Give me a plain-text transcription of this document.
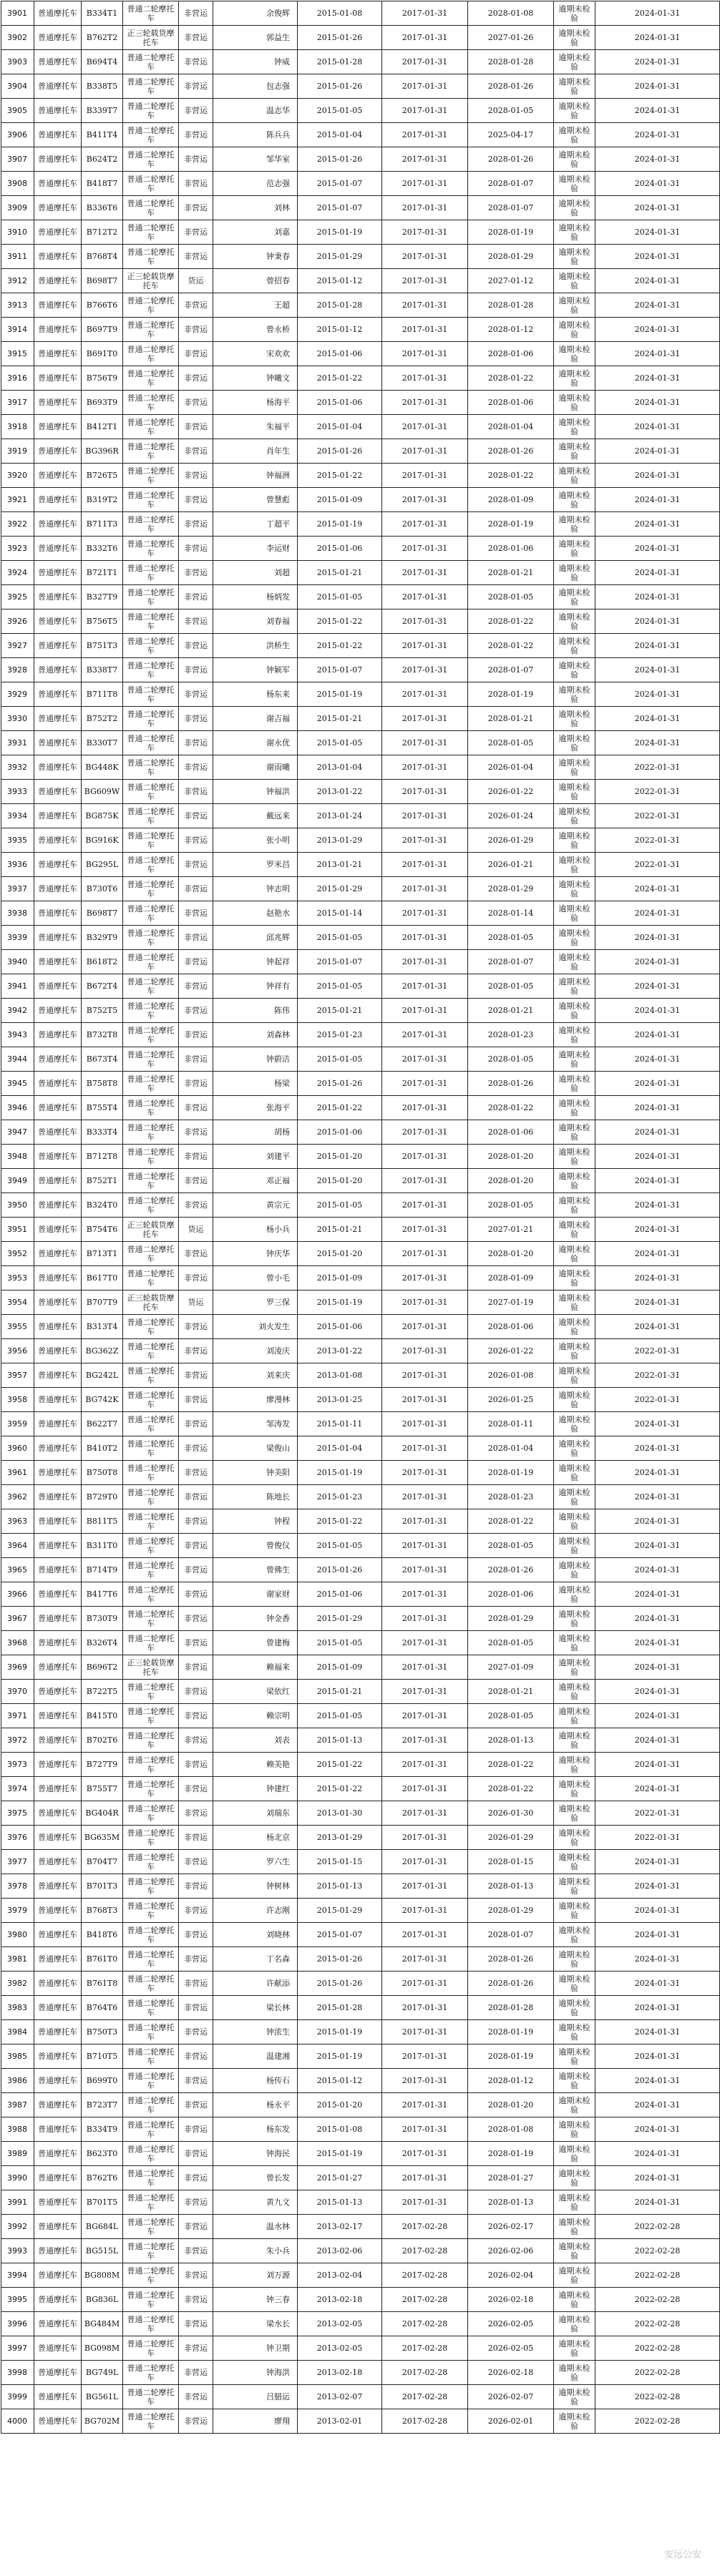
3901	普通摩托车	B334T1	普通二轮摩托车	非营运	余俊辉	2015-01-08	2017-01-31	2028-01-08	逾期未检验	2024-01-31
3902	普通摩托车	B762T2	正三轮载货摩托车	非营运	郭益生	2015-01-26	2017-01-31	2027-01-26	逾期未检验	2024-01-31
3903	普通摩托车	B694T4	普通二轮摩托车	非营运	钟威	2015-01-28	2017-01-31	2028-01-28	逾期未检验	2024-01-31
3904	普通摩托车	B338T5	普通二轮摩托车	非营运	包志强	2015-01-26	2017-01-31	2028-01-26	逾期未检验	2024-01-31
3905	普通摩托车	B339T7	普通二轮摩托车	非营运	温志华	2015-01-05	2017-01-31	2028-01-05	逾期未检验	2024-01-31
3906	普通摩托车	B411T4	普通二轮摩托车	非营运	陈兵兵	2015-01-04	2017-01-31	2025-04-17	逾期未检验	2024-01-31
3907	普通摩托车	B624T2	普通二轮摩托车	非营运	邹华室	2015-01-26	2017-01-31	2028-01-26	逾期未检验	2024-01-31
3908	普通摩托车	B418T7	普通二轮摩托车	非营运	范志强	2015-01-07	2017-01-31	2028-01-07	逾期未检验	2024-01-31
3909	普通摩托车	B336T6	普通二轮摩托车	非营运	刘林	2015-01-07	2017-01-31	2028-01-07	逾期未检验	2024-01-31
3910	普通摩托车	B712T2	普通二轮摩托车	非营运	刘嘉	2015-01-19	2017-01-31	2028-01-19	逾期未检验	2024-01-31
3911	普通摩托车	B768T4	普通二轮摩托车	非营运	钟秉春	2015-01-29	2017-01-31	2028-01-29	逾期未检验	2024-01-31
3912	普通摩托车	B698T7	正三轮载货摩托车	货运	曾招春	2015-01-12	2017-01-31	2027-01-12	逾期未检验	2024-01-31
3913	普通摩托车	B766T6	普通二轮摩托车	非营运	王超	2015-01-28	2017-01-31	2028-01-28	逾期未检验	2024-01-31
3914	普通摩托车	B697T9	普通二轮摩托车	非营运	曾永桥	2015-01-12	2017-01-31	2028-01-12	逾期未检验	2024-01-31
3915	普通摩托车	B691T0	普通二轮摩托车	非营运	宋欢欢	2015-01-06	2017-01-31	2028-01-06	逾期未检验	2024-01-31
3916	普通摩托车	B756T9	普通二轮摩托车	非营运	钟曦文	2015-01-22	2017-01-31	2028-01-22	逾期未检验	2024-01-31
3917	普通摩托车	B693T9	普通二轮摩托车	非营运	杨海平	2015-01-06	2017-01-31	2028-01-06	逾期未检验	2024-01-31
3918	普通摩托车	B412T1	普通二轮摩托车	非营运	朱福平	2015-01-04	2017-01-31	2028-01-04	逾期未检验	2024-01-31
3919	普通摩托车	BG396R	普通二轮摩托车	非营运	肖年生	2015-01-26	2017-01-31	2028-01-26	逾期未检验	2024-01-31
3920	普通摩托车	B726T5	普通二轮摩托车	非营运	钟福洲	2015-01-22	2017-01-31	2028-01-22	逾期未检验	2024-01-31
3921	普通摩托车	B319T2	普通二轮摩托车	非营运	曾慧彪	2015-01-09	2017-01-31	2028-01-09	逾期未检验	2024-01-31
3922	普通摩托车	B711T3	普通二轮摩托车	非营运	丁超平	2015-01-19	2017-01-31	2028-01-19	逾期未检验	2024-01-31
3923	普通摩托车	B332T6	普通二轮摩托车	非营运	李运财	2015-01-06	2017-01-31	2028-01-06	逾期未检验	2024-01-31
3924	普通摩托车	B721T1	普通二轮摩托车	非营运	刘超	2015-01-21	2017-01-31	2028-01-21	逾期未检验	2024-01-31
3925	普通摩托车	B327T9	普通二轮摩托车	非营运	杨炳发	2015-01-05	2017-01-31	2028-01-05	逾期未检验	2024-01-31
3926	普通摩托车	B756T5	普通二轮摩托车	非营运	刘春福	2015-01-22	2017-01-31	2028-01-22	逾期未检验	2024-01-31
3927	普通摩托车	B751T3	普通二轮摩托车	非营运	洪桥生	2015-01-22	2017-01-31	2028-01-22	逾期未检验	2024-01-31
3928	普通摩托车	B338T7	普通二轮摩托车	非营运	钟颖军	2015-01-07	2017-01-31	2028-01-07	逾期未检验	2024-01-31
3929	普通摩托车	B711T8	普通二轮摩托车	非营运	杨东来	2015-01-19	2017-01-31	2028-01-19	逾期未检验	2024-01-31
3930	普通摩托车	B752T2	普通二轮摩托车	非营运	谢吉福	2015-01-21	2017-01-31	2028-01-21	逾期未检验	2024-01-31
3931	普通摩托车	B330T7	普通二轮摩托车	非营运	谢永优	2015-01-05	2017-01-31	2028-01-05	逾期未检验	2024-01-31
3932	普通摩托车	BG448K	普通二轮摩托车	非营运	谢雨曦	2013-01-04	2017-01-31	2026-01-04	逾期未检验	2022-01-31
3933	普通摩托车	BG609W	普通二轮摩托车	非营运	钟福洪	2013-01-22	2017-01-31	2026-01-22	逾期未检验	2022-01-31
3934	普通摩托车	BG875K	普通二轮摩托车	非营运	戴远来	2013-01-24	2017-01-31	2026-01-24	逾期未检验	2022-01-31
3935	普通摩托车	BG916K	普通二轮摩托车	非营运	张小明	2013-01-29	2017-01-31	2026-01-29	逾期未检验	2022-01-31
3936	普通摩托车	BG295L	普通二轮摩托车	非营运	罗米昌	2013-01-21	2017-01-31	2026-01-21	逾期未检验	2022-01-31
3937	普通摩托车	B730T6	普通二轮摩托车	非营运	钟志明	2015-01-29	2017-01-31	2028-01-29	逾期未检验	2024-01-31
3938	普通摩托车	B698T7	普通二轮摩托车	非营运	赵艳水	2015-01-14	2017-01-31	2028-01-14	逾期未检验	2024-01-31
3939	普通摩托车	B329T9	普通二轮摩托车	非营运	邱兆辉	2015-01-05	2017-01-31	2028-01-05	逾期未检验	2024-01-31
3940	普通摩托车	B618T2	普通二轮摩托车	非营运	钟起祥	2015-01-07	2017-01-31	2028-01-07	逾期未检验	2024-01-31
3941	普通摩托车	B672T4	普通二轮摩托车	非营运	钟祥有	2015-01-05	2017-01-31	2028-01-05	逾期未检验	2024-01-31
3942	普通摩托车	B752T5	普通二轮摩托车	非营运	陈伟	2015-01-21	2017-01-31	2028-01-21	逾期未检验	2024-01-31
3943	普通摩托车	B732T8	普通二轮摩托车	非营运	刘森林	2015-01-23	2017-01-31	2028-01-23	逾期未检验	2024-01-31
3944	普通摩托车	B673T4	普通二轮摩托车	非营运	钟蔚洁	2015-01-05	2017-01-31	2028-01-05	逾期未检验	2024-01-31
3945	普通摩托车	B758T8	普通二轮摩托车	非营运	杨梁	2015-01-26	2017-01-31	2028-01-26	逾期未检验	2024-01-31
3946	普通摩托车	B755T4	普通二轮摩托车	非营运	张海平	2015-01-22	2017-01-31	2028-01-22	逾期未检验	2024-01-31
3947	普通摩托车	B333T4	普通二轮摩托车	非营运	胡杨	2015-01-06	2017-01-31	2028-01-06	逾期未检验	2024-01-31
3948	普通摩托车	B712T8	普通二轮摩托车	非营运	刘建平	2015-01-20	2017-01-31	2028-01-20	逾期未检验	2024-01-31
3949	普通摩托车	B752T1	普通二轮摩托车	非营运	邓正福	2015-01-20	2017-01-31	2028-01-20	逾期未检验	2024-01-31
3950	普通摩托车	B324T0	普通二轮摩托车	非营运	黄宗元	2015-01-05	2017-01-31	2028-01-05	逾期未检验	2024-01-31
3951	普通摩托车	B754T6	正三轮载货摩托车	货运	杨小兵	2015-01-21	2017-01-31	2027-01-21	逾期未检验	2024-01-31
3952	普通摩托车	B713T1	普通二轮摩托车	非营运	钟庆华	2015-01-20	2017-01-31	2028-01-20	逾期未检验	2024-01-31
3953	普通摩托车	B617T0	普通二轮摩托车	非营运	曾小毛	2015-01-09	2017-01-31	2028-01-09	逾期未检验	2024-01-31
3954	普通摩托车	B707T9	正三轮载货摩托车	货运	罗三保	2015-01-19	2017-01-31	2027-01-19	逾期未检验	2024-01-31
3955	普通摩托车	B313T4	普通二轮摩托车	非营运	刘火发生	2015-01-06	2017-01-31	2028-01-06	逾期未检验	2024-01-31
3956	普通摩托车	BG362Z	普通二轮摩托车	非营运	刘凌庆	2013-01-22	2017-01-31	2026-01-22	逾期未检验	2022-01-31
3957	普通摩托车	BG242L	普通二轮摩托车	非营运	刘来庆	2013-01-08	2017-01-31	2026-01-08	逾期未检验	2022-01-31
3958	普通摩托车	BG742K	普通二轮摩托车	非营运	廖漫林	2013-01-25	2017-01-31	2026-01-25	逾期未检验	2022-01-31
3959	普通摩托车	B622T7	普通二轮摩托车	非营运	邹涛发	2015-01-11	2017-01-31	2028-01-11	逾期未检验	2024-01-31
3960	普通摩托车	B410T2	普通二轮摩托车	非营运	梁俊山	2015-01-04	2017-01-31	2028-01-04	逾期未检验	2024-01-31
3961	普通摩托车	B750T8	普通二轮摩托车	非营运	钟美阳	2015-01-19	2017-01-31	2028-01-19	逾期未检验	2024-01-31
3962	普通摩托车	B729T0	普通二轮摩托车	非营运	陈地长	2015-01-23	2017-01-31	2028-01-23	逾期未检验	2024-01-31
3963	普通摩托车	B811T5	普通二轮摩托车	非营运	钟程	2015-01-22	2017-01-31	2028-01-22	逾期未检验	2024-01-31
3964	普通摩托车	B311T0	普通二轮摩托车	非营运	曾俊仪	2015-01-05	2017-01-31	2028-01-05	逾期未检验	2024-01-31
3965	普通摩托车	B714T9	普通二轮摩托车	非营运	曾佛生	2015-01-26	2017-01-31	2028-01-26	逾期未检验	2024-01-31
3966	普通摩托车	B417T6	普通二轮摩托车	非营运	谢家财	2015-01-06	2017-01-31	2028-01-06	逾期未检验	2024-01-31
3967	普通摩托车	B730T9	普通二轮摩托车	非营运	钟金香	2015-01-29	2017-01-31	2028-01-29	逾期未检验	2024-01-31
3968	普通摩托车	B326T4	普通二轮摩托车	非营运	曾建梅	2015-01-05	2017-01-31	2028-01-05	逾期未检验	2024-01-31
3969	普通摩托车	B696T2	正三轮载货摩托车	非营运	赖福来	2015-01-09	2017-01-31	2027-01-09	逾期未检验	2024-01-31
3970	普通摩托车	B722T5	普通二轮摩托车	非营运	梁依红	2015-01-21	2017-01-31	2028-01-21	逾期未检验	2024-01-31
3971	普通摩托车	B415T0	普通二轮摩托车	非营运	赖宗明	2015-01-05	2017-01-31	2028-01-05	逾期未检验	2024-01-31
3972	普通摩托车	B702T6	普通二轮摩托车	非营运	刘表	2015-01-13	2017-01-31	2028-01-13	逾期未检验	2024-01-31
3973	普通摩托车	B727T9	普通二轮摩托车	非营运	赖美艳	2015-01-22	2017-01-31	2028-01-22	逾期未检验	2024-01-31
3974	普通摩托车	B755T7	普通二轮摩托车	非营运	钟建红	2015-01-22	2017-01-31	2028-01-22	逾期未检验	2024-01-31
3975	普通摩托车	BG404R	普通二轮摩托车	非营运	刘瑞东	2013-01-30	2017-01-31	2026-01-30	逾期未检验	2022-01-31
3976	普通摩托车	BG635M	普通二轮摩托车	非营运	杨北京	2013-01-29	2017-01-31	2026-01-29	逾期未检验	2022-01-31
3977	普通摩托车	B704T7	普通二轮摩托车	非营运	罗六生	2015-01-15	2017-01-31	2028-01-15	逾期未检验	2024-01-31
3978	普通摩托车	B701T3	普通二轮摩托车	非营运	钟树林	2015-01-13	2017-01-31	2028-01-13	逾期未检验	2024-01-31
3979	普通摩托车	B768T3	普通二轮摩托车	非营运	许志刚	2015-01-29	2017-01-31	2028-01-29	逾期未检验	2024-01-31
3980	普通摩托车	B418T6	普通二轮摩托车	非营运	刘晓林	2015-01-07	2017-01-31	2028-01-07	逾期未检验	2024-01-31
3981	普通摩托车	B761T0	普通二轮摩托车	非营运	丁名森	2015-01-26	2017-01-31	2028-01-26	逾期未检验	2024-01-31
3982	普通摩托车	B761T8	普通二轮摩托车	非营运	许献添	2015-01-26	2017-01-31	2028-01-26	逾期未检验	2024-01-31
3983	普通摩托车	B764T6	普通二轮摩托车	非营运	梁长林	2015-01-28	2017-01-31	2028-01-28	逾期未检验	2024-01-31
3984	普通摩托车	B750T3	普通二轮摩托车	非营运	钟浓生	2015-01-19	2017-01-31	2028-01-19	逾期未检验	2024-01-31
3985	普通摩托车	B710T5	普通二轮摩托车	非营运	温建湘	2015-01-19	2017-01-31	2028-01-19	逾期未检验	2024-01-31
3986	普通摩托车	B699T0	普通二轮摩托车	非营运	杨传石	2015-01-12	2017-01-31	2028-01-12	逾期未检验	2024-01-31
3987	普通摩托车	B723T7	普通二轮摩托车	非营运	杨永平	2015-01-20	2017-01-31	2028-01-20	逾期未检验	2024-01-31
3988	普通摩托车	B334T9	普通二轮摩托车	非营运	杨东发	2015-01-08	2017-01-31	2028-01-08	逾期未检验	2024-01-31
3989	普通摩托车	B623T0	普通二轮摩托车	非营运	钟海民	2015-01-19	2017-01-31	2028-01-19	逾期未检验	2024-01-31
3990	普通摩托车	B762T6	普通二轮摩托车	非营运	曾长发	2015-01-27	2017-01-31	2028-01-27	逾期未检验	2024-01-31
3991	普通摩托车	B701T5	普通二轮摩托车	非营运	黄九文	2015-01-13	2017-01-31	2028-01-13	逾期未检验	2024-01-31
3992	普通摩托车	BG684L	普通二轮摩托车	非营运	温水林	2013-02-17	2017-02-28	2026-02-17	逾期未检验	2022-02-28
3993	普通摩托车	BG515L	普通二轮摩托车	非营运	朱小兵	2013-02-06	2017-02-28	2026-02-06	逾期未检验	2022-02-28
3994	普通摩托车	BG808M	普通二轮摩托车	非营运	刘万源	2013-02-04	2017-02-28	2026-02-04	逾期未检验	2022-02-28
3995	普通摩托车	BG836L	普通二轮摩托车	非营运	钟三春	2013-02-18	2017-02-28	2026-02-18	逾期未检验	2022-02-28
3996	普通摩托车	BG484M	普通二轮摩托车	非营运	梁水长	2013-02-05	2017-02-28	2026-02-05	逾期未检验	2022-02-28
3997	普通摩托车	BG098M	普通二轮摩托车	非营运	钟卫期	2013-02-05	2017-02-28	2026-02-05	逾期未检验	2022-02-28
3998	普通摩托车	BG749L	普通二轮摩托车	非营运	钟海洪	2013-02-18	2017-02-28	2026-02-18	逾期未检验	2022-02-28
3999	普通摩托车	BG561L	普通二轮摩托车	非营运	吕腊运	2013-02-07	2017-02-28	2026-02-07	逾期未检验	2022-02-28
4000	普通摩托车	BG702M	普通二轮摩托车	非营运	廖翔	2013-02-01	2017-02-28	2026-02-01	逾期未检验	2022-02-28
安远公安
